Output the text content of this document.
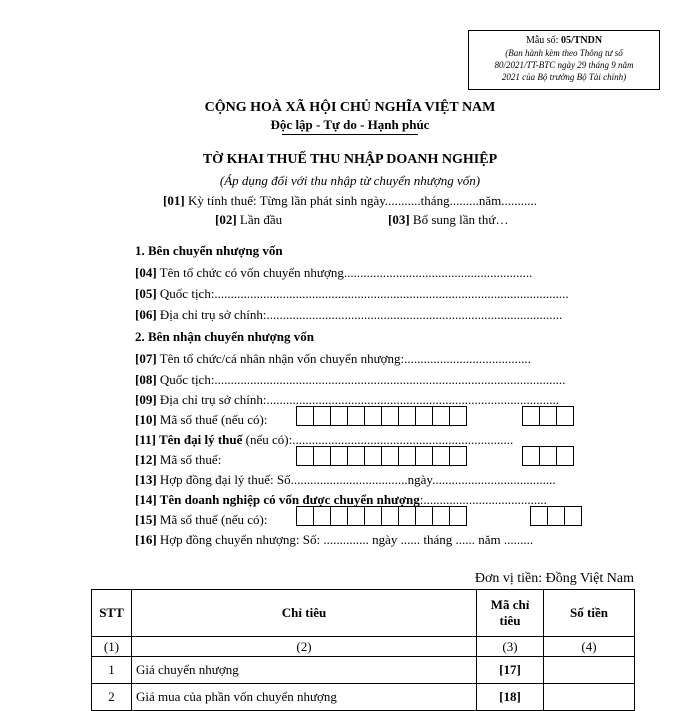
Mẫu số: 05/TNDN
(Ban hành kèm theo Thông tư số
80/2021/TT-BTC ngày 29 tháng 9 năm
2021 của Bộ trưởng Bộ Tài chính)
CỘNG HOÀ XÃ HỘI CHỦ NGHĨA VIỆT NAM
Độc lập - Tự do - Hạnh phúc
TỜ KHAI THUẾ THU NHẬP DOANH NGHIỆP
(Áp dụng đối với thu nhập từ chuyển nhượng vốn)
[01] Kỳ tính thuế: Từng lần phát sinh ngày...........tháng.........năm...........
[02] Lần đầu	[03] Bổ sung lần thứ…
1. Bên chuyển nhượng vốn
[04] Tên tổ chức có vốn chuyển nhượng..........................................................
[05] Quốc tịch:.............................................................................................................
[06] Địa chỉ trụ sở chính:...........................................................................................
2. Bên nhận chuyển nhượng vốn
[07] Tên tổ chức/cá nhân nhận vốn chuyển nhượng:.......................................
[08] Quốc tịch:............................................................................................................
[09] Địa chỉ trụ sở chính:..........................................................................................
[10] Mã số thuế (nếu có):
[11] Tên đại lý thuế (nếu có):....................................................................
[12] Mã số thuế:
[13] Hợp đồng đại lý thuế: Số....................................ngày......................................
[14] Tên doanh nghiệp có vốn được chuyển nhượng:......................................
[15] Mã số thuế (nếu có):
[16] Hợp đồng chuyển nhượng: Số: .............. ngày ...... tháng ...... năm .........
Đơn vị tiền: Đồng Việt Nam
STT	Chỉ tiêu	Mã chỉ tiêu	Số tiền
(1)	(2)	(3)	(4)
1	Giá chuyển nhượng	[17]	
2	Giá mua của phần vốn chuyển nhượng	[18]	
